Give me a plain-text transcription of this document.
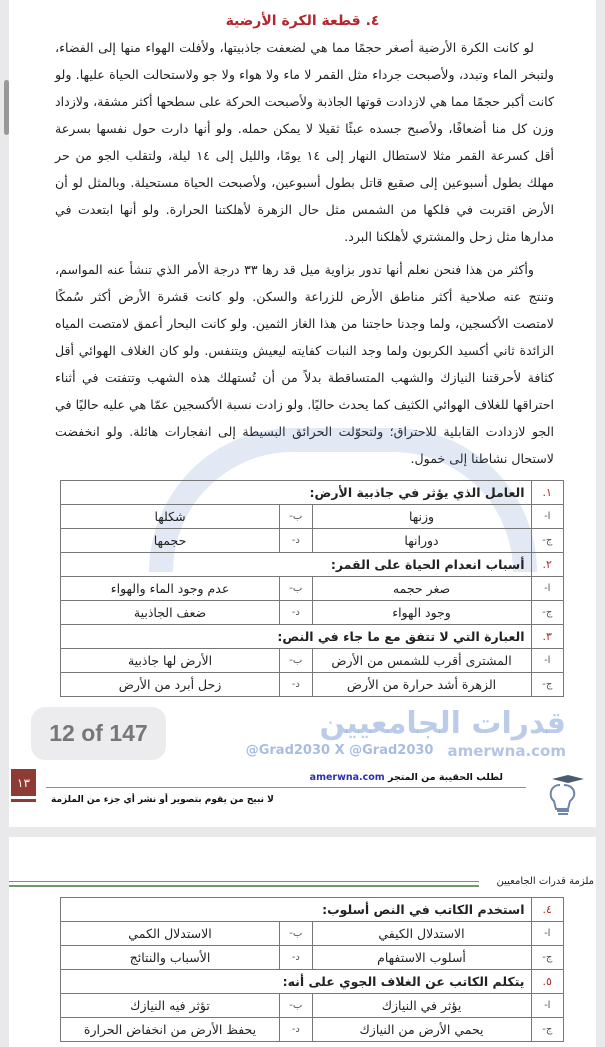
٤. قطعة الكرة الأرضية
لو كانت الكرة الأرضية أصغر حجمًا مما هي لضعفت جاذبيتها، ولأفلت الهواء منها إلى الفضاء، ولتبخر الماء وتبدد، ولأصبحت جرداء مثل القمر لا ماء ولا هواء ولا جو ولاستحالت الحياة عليها. ولو كانت أكبر حجمًا مما هي لازدادت قوتها الجاذبة ولأصبحت الحركة على سطحها أكثر مشقة، ولازداد وزن كل منا أضعافًا، ولأصبح جسده عبئًا ثقيلا لا يمكن حمله. ولو أنها دارت حول نفسها بسرعة أقل كسرعة القمر مثلا لاستطال النهار إلى ١٤ يومًا، والليل إلى ١٤ ليلة، ولتقلب الجو من حر مهلك بطول أسبوعين إلى صقيع قاتل بطول أسبوعين، ولأصبحت الحياة مستحيلة. وبالمثل لو أن الأرض اقتربت في فلكها من الشمس مثل حال الزهرة لأهلكتنا الحرارة. ولو أنها ابتعدت في مدارها مثل زحل والمشتري لأهلكنا البرد.
وأكثر من هذا فنحن نعلم أنها تدور بزاوية ميل قد رها ٣٣ درجة الأمر الذي تنشأ عنه المواسم، وتنتج عنه صلاحية أكثر مناطق الأرض للزراعة والسكن. ولو كانت قشرة الأرض أكثر سُمكًا لامتصت الأكسجين، ولما وجدنا حاجتنا من هذا الغاز الثمين. ولو كانت البحار أعمق لامتصت المياه الزائدة ثاني أكسيد الكربون ولما وجد النبات كفايته ليعيش ويتنفس. ولو كان الغلاف الهوائي أقل كثافة لأحرقتنا النيازك والشهب المتساقطة بدلاً من أن تُستهلك هذه الشهب وتتفتت في أثناء احتراقها للغلاف الهوائي الكثيف كما يحدث حاليًا. ولو زادت نسبة الأكسجين عمّا هي عليه حاليًا في الجو لازدادت القابلية للاحتراق؛ ولتحوّلت الحرائق البسيطة إلى انفجارات هائلة. ولو انخفضت لاستحال نشاطنا إلى خمول.
١.	العامل الذي يؤثر في جاذبية الأرض:		
ا-	وزنها	ب-	شكلها
ج-	دورانها	د-	حجمها
٢.	أسباب انعدام الحياة على القمر:		
ا-	صغر حجمه	ب-	عدم وجود الماء والهواء
ج-	وجود الهواء	د-	ضعف الجاذبية
٣.	العبارة التي لا تتفق مع ما جاء في النص:		
ا-	المشترى أقرب للشمس من الأرض	ب-	الأرض لها جاذبية
ج-	الزهرة أشد حرارة من الأرض	د-	زحل أبرد من الأرض
12 of 147	قدرات الجامعيين
@Grad2030 X @Grad2030 amerwna.com
١٣	لطلب الحقيبة من المتجر amerwna.com
لا نبيح من يقوم بتصوير أو نشر أي جزء من الملزمة
ملزمة قدرات الجامعيين
٤.	استخدم الكاتب في النص أسلوب:		
ا-	الاستدلال الكيفي	ب-	الاستدلال الكمي
ج-	أسلوب الاستفهام	د-	الأسباب والنتائج
٥.	يتكلم الكاتب عن الغلاف الجوي على أنه:		
ا-	يؤثر في النيازك	ب-	تؤثر فيه النيازك
ج-	يحمي الأرض من النيازك	د-	يحفظ الأرض من انخفاض الحرارة
